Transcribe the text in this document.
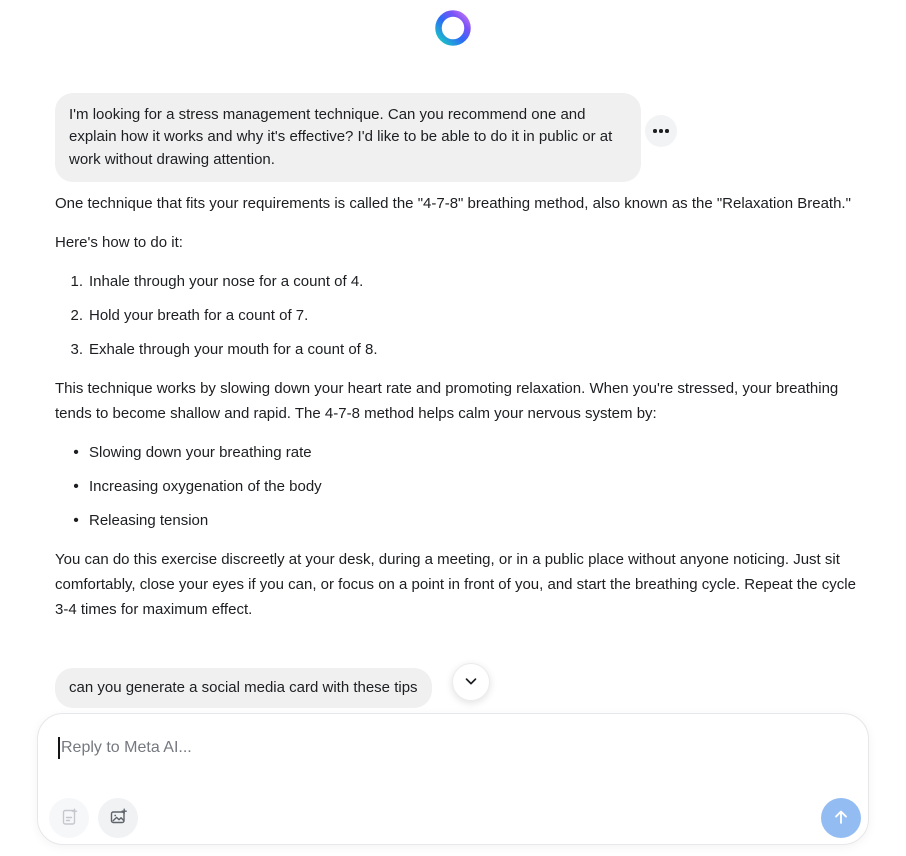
I'm looking for a stress management technique. Can you recommend one and explain how it works and why it's effective? I'd like to be able to do it in public or at work without drawing attention.

One technique that fits your requirements is called the "4-7-8" breathing method, also known as the "Relaxation Breath."

Here's how to do it:

1. Inhale through your nose for a count of 4.
2. Hold your breath for a count of 7.
3. Exhale through your mouth for a count of 8.

This technique works by slowing down your heart rate and promoting relaxation. When you're stressed, your breathing tends to become shallow and rapid. The 4-7-8 method helps calm your nervous system by:

• Slowing down your breathing rate
• Increasing oxygenation of the body
• Releasing tension

You can do this exercise discreetly at your desk, during a meeting, or in a public place without anyone noticing. Just sit comfortably, close your eyes if you can, or focus on a point in front of you, and start the breathing cycle. Repeat the cycle 3-4 times for maximum effect.

can you generate a social media card with these tips
Reply to Meta AI...
